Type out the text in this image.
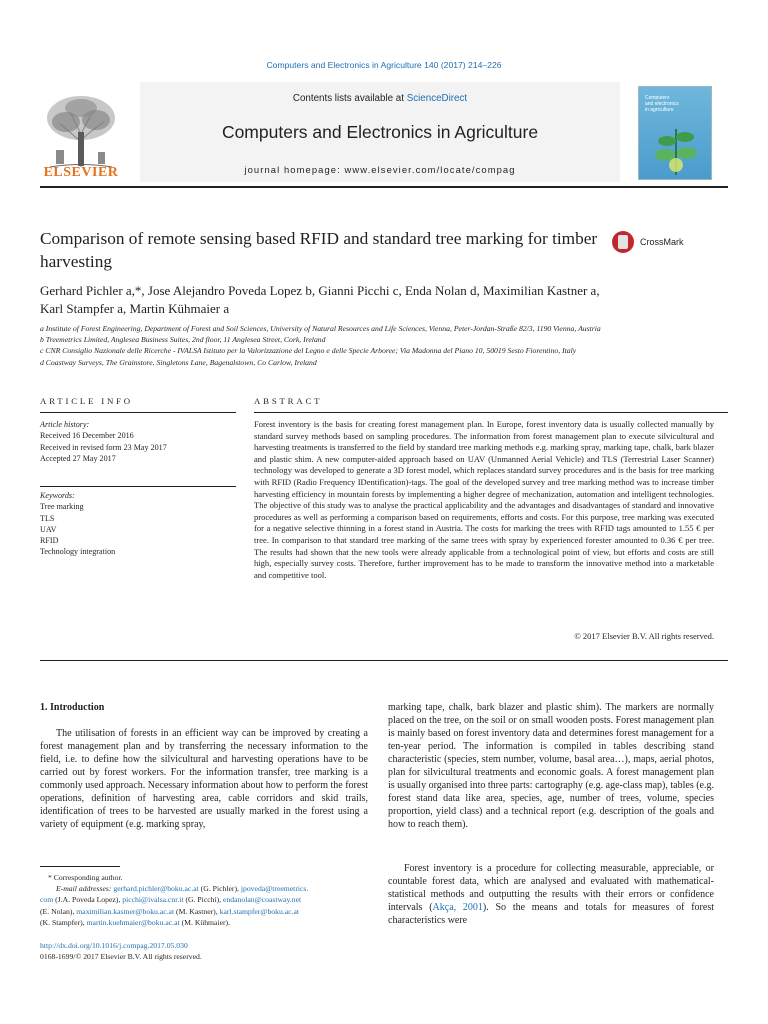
Computers and Electronics in Agriculture 140 (2017) 214–226
ELSEVIER
Contents lists available at ScienceDirect
Computers and Electronics in Agriculture
journal homepage: www.elsevier.com/locate/compag
Computers
and electronics
in agriculture
Comparison of remote sensing based RFID and standard tree marking for timber harvesting
CrossMark
Gerhard Pichler a,*, Jose Alejandro Poveda Lopez b, Gianni Picchi c, Enda Nolan d, Maximilian Kastner a,
Karl Stampfer a, Martin Kühmaier a
a Institute of Forest Engineering, Department of Forest and Soil Sciences, University of Natural Resources and Life Sciences, Vienna, Peter-Jordan-Straße 82/3, 1190 Vienna, Austria
b Treemetrics Limited, Anglesea Business Suites, 2nd floor, 11 Anglesea Street, Cork, Ireland
c CNR Consiglio Nazionale delle Ricerche - IVALSA Istituto per la Valorizzazione del Legno e delle Specie Arboree; Via Madonna del Piano 10, 50019 Sesto Fiorentino, Italy
d Coastway Surveys, The Grainstore, Singletons Lane, Bagenalstown, Co Carlow, Ireland
ARTICLE INFO
Article history:
Received 16 December 2016
Received in revised form 23 May 2017
Accepted 27 May 2017
Keywords:
Tree marking
TLS
UAV
RFID
Technology integration
ABSTRACT
Forest inventory is the basis for creating forest management plan. In Europe, forest inventory data is usually collected manually by standard survey methods based on sampling procedures. The information from forest management plan to execute silvicultural and harvesting treatments is transferred to the field by standard tree marking methods e.g. marking spray, marking tape, chalk, bark blazer and plastic shim. A new computer-aided approach based on UAV (Unmanned Aerial Vehicle) and TLS (Terrestrial Laser Scanner) technology was developed to generate a 3D forest model, which replaces standard survey procedures and is the basis for tree marking with RFID (Radio Frequency IDentification)-tags. The goal of the developed survey and tree marking method was to increase timber harvesting efficiency in mountain forests by implementing a higher degree of mechanization, automation and intelligent technologies. The objective of this study was to analyse the practical applicability and the advantages and disadvantages of standard and innovative procedures as well as performing a comparison based on requirements, efforts and costs. For this purpose, tree marking was executed for a negative selective thinning in a forest stand in Austria. The costs for marking the trees with RFID tags amounted to 1.55 € per tree. In comparison to that standard tree marking of the same trees with spray by experienced forester amounted to 0.36 € per tree. The results had shown that the new tools were already applicable from a technological point of view, but efforts and costs are still high, especially survey costs. Therefore, further improvement has to be made to transform the innovative method into a marketable and competitive tool.
© 2017 Elsevier B.V. All rights reserved.
1. Introduction
The utilisation of forests in an efficient way can be improved by creating a forest management plan and by transferring the necessary information to the field, i.e. to define how the silvicultural and harvesting operations have to be carried out by forest workers. For the information transfer, tree marking is a commonly used approach. Necessary information about how to perform the forest operations, definition of harvesting area, cable corridors and skid trails, identification of trees to be harvested are usually marked in the forest using a variety of equipment (e.g. marking spray,
marking tape, chalk, bark blazer and plastic shim). The markers are normally placed on the tree, on the soil or on small wooden posts. Forest management plan is mainly based on forest inventory data and determines forest management for a ten-year period. The information is compiled in tables describing stand characteristic (species, stem number, volume, basal area…), maps, aerial photos, plan for silvicultural treatments and economic goals. A forest management plan is usually organised into three parts: cartography (e.g. age-class map), tables (e.g. forest stand data like area, species, age, number of trees, volume, species proportion, yield class) and a technical report (e.g. description of the goals and how to reach them).
Forest inventory is a procedure for collecting measurable, appreciable, or countable forest data, which are analysed and evaluated with mathematical-statistical methods and outputting the results with their errors or confidence intervals (Akça, 2001). So the means and totals for measures of forest characteristics were
* Corresponding author.
E-mail addresses: gerhard.pichler@boku.ac.at (G. Pichler), jpoveda@treemetrics.
com (J.A. Poveda Lopez), picchi@ivalsa.cnr.it (G. Picchi), endanolan@coastway.net
(E. Nolan), maximilian.kastner@boku.ac.at (M. Kastner), karl.stampfer@boku.ac.at
(K. Stampfer), martin.kuehmaier@boku.ac.at (M. Kühmaier).
http://dx.doi.org/10.1016/j.compag.2017.05.030
0168-1699/© 2017 Elsevier B.V. All rights reserved.
